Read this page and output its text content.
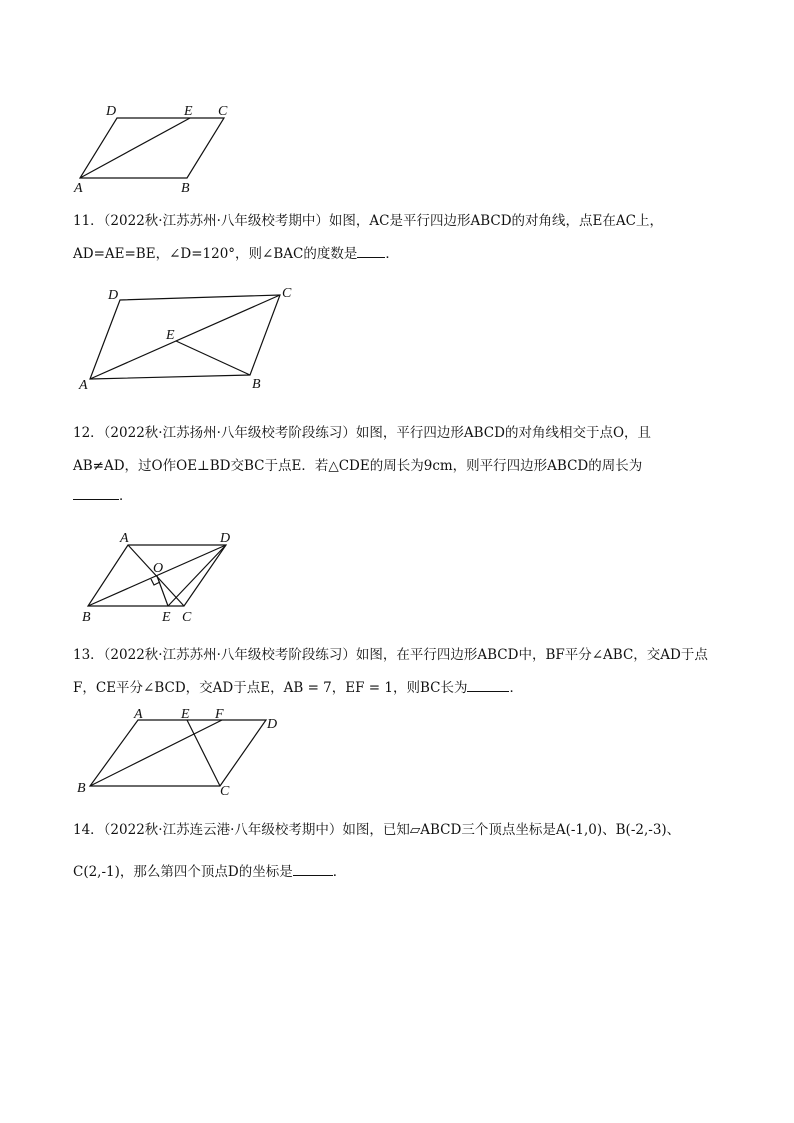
D	E C
A	B

11．（2022秋·江苏苏州·八年级校考期中）如图，AC是平行四边形ABCD的对角线，点E在AC上，

AD=AE=BE，∠D=120°，则∠BAC的度数是 ．

D	C
E
A	B

12．（2022秋·江苏扬州·八年级校考阶段练习）如图，平行四边形ABCD的对角线相交于点O，且

AB≠AD，过O作OE⊥BD交BC于点E．若△CDE的周长为9cm，则平行四边形ABCD的周长为

．

A	D
O
B	E C

13．（2022秋·江苏苏州·八年级校考阶段练习）如图，在平行四边形ABCD中，BF平分∠ABC，交AD于点

F，CE平分∠BCD，交AD于点E，AB = 7，EF = 1，则BC长为	．

A	E F
D
B	C

14．（2022秋·江苏连云港·八年级校考期中）如图，已知▱ABCD三个顶点坐标是A(-1,0)、B(-2,-3)、

C(2,-1)，那么第四个顶点D的坐标是	．
